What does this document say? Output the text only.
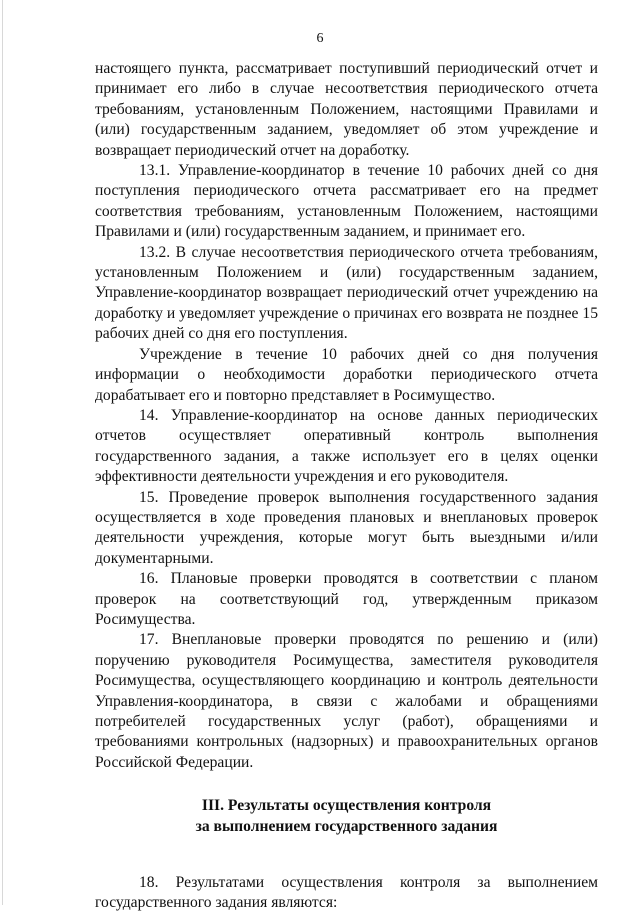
6

настоящего пункта, рассматривает поступивший периодический отчет и принимает его либо в случае несоответствия периодического отчета требованиям, установленным Положением, настоящими Правилами и (или) государственным заданием, уведомляет об этом учреждение и возвращает периодический отчет на доработку.

13.1. Управление-координатор в течение 10 рабочих дней со дня поступления периодического отчета рассматривает его на предмет соответствия требованиям, установленным Положением, настоящими Правилами и (или) государственным заданием, и принимает его.

13.2. В случае несоответствия периодического отчета требованиям, установленным Положением и (или) государственным заданием, Управление-координатор возвращает периодический отчет учреждению на доработку и уведомляет учреждение о причинах его возврата не позднее 15 рабочих дней со дня его поступления.

Учреждение в течение 10 рабочих дней со дня получения информации о необходимости доработки периодического отчета дорабатывает его и повторно представляет в Росимущество.

14. Управление-координатор на основе данных периодических отчетов осуществляет оперативный контроль выполнения государственного задания, а также использует его в целях оценки эффективности деятельности учреждения и его руководителя.

15. Проведение проверок выполнения государственного задания осуществляется в ходе проведения плановых и внеплановых проверок деятельности учреждения, которые могут быть выездными и/или документарными.

16. Плановые проверки проводятся в соответствии с планом проверок на соответствующий год, утвержденным приказом Росимущества.

17. Внеплановые проверки проводятся по решению и (или) поручению руководителя Росимущества, заместителя руководителя Росимущества, осуществляющего координацию и контроль деятельности Управления-координатора, в связи с жалобами и обращениями потребителей государственных услуг (работ), обращениями и требованиями контрольных (надзорных) и правоохранительных органов Российской Федерации.

III. Результаты осуществления контроля
за выполнением государственного задания

18. Результатами осуществления контроля за выполнением государственного задания являются:
